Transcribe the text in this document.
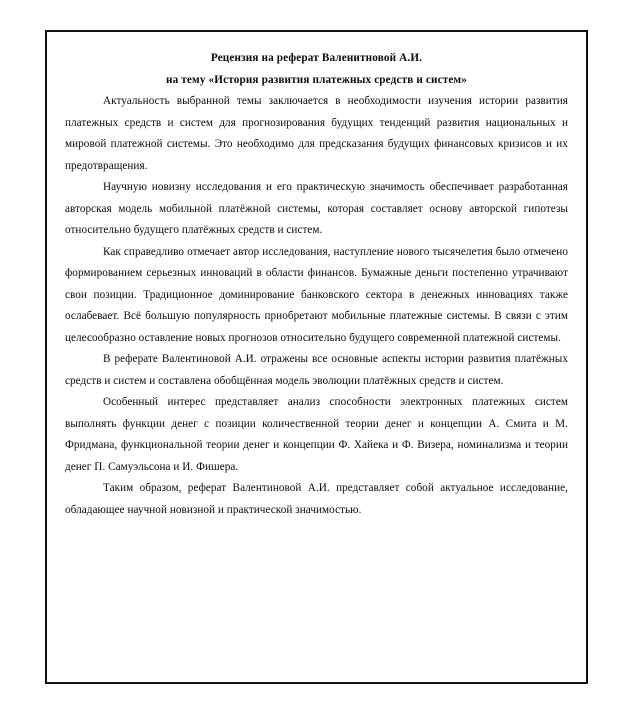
Рецензия на реферат Валенитновой А.И.
на тему «История развития платежных средств и систем»

Актуальность выбранной темы заключается в необходимости изучения истории развития платежных средств и систем для прогнозирования будущих тенденций развития национальных и мировой платежной системы. Это необходимо для предсказания будущих финансовых кризисов и их предотвращения.

Научную новизну исследования и его практическую значимость обеспечивает разработанная авторская модель мобильной платёжной системы, которая составляет основу авторской гипотезы относительно будущего платёжных средств и систем.

Как справедливо отмечает автор исследования, наступление нового тысячелетия было отмечено формированием серьезных инноваций в области финансов. Бумажные деньги постепенно утрачивают свои позиции. Традиционное доминирование банковского сектора в денежных инновациях также ослабевает. Всё большую популярность приобретают мобильные платежные системы. В связи с этим целесообразно оставление новых прогнозов относительно будущего современной платежной системы.

В реферате Валентиновой А.И. отражены все основные аспекты истории развития платёжных средств и систем и составлена обобщённая модель эволюции платёжных средств и систем.

Особенный интерес представляет анализ способности электронных платежных систем выполнять функции денег с позиции количественной теории денег и концепции А. Смита и М. Фридмана, функциональной теории денег и концепции Ф. Хайека и Ф. Визера, номинализма и теории денег П. Самуэльсона и И. Фишера.

Таким образом, реферат Валентиновой А.И. представляет собой актуальное исследование, обладающее научной новизной и практической значимостью.
